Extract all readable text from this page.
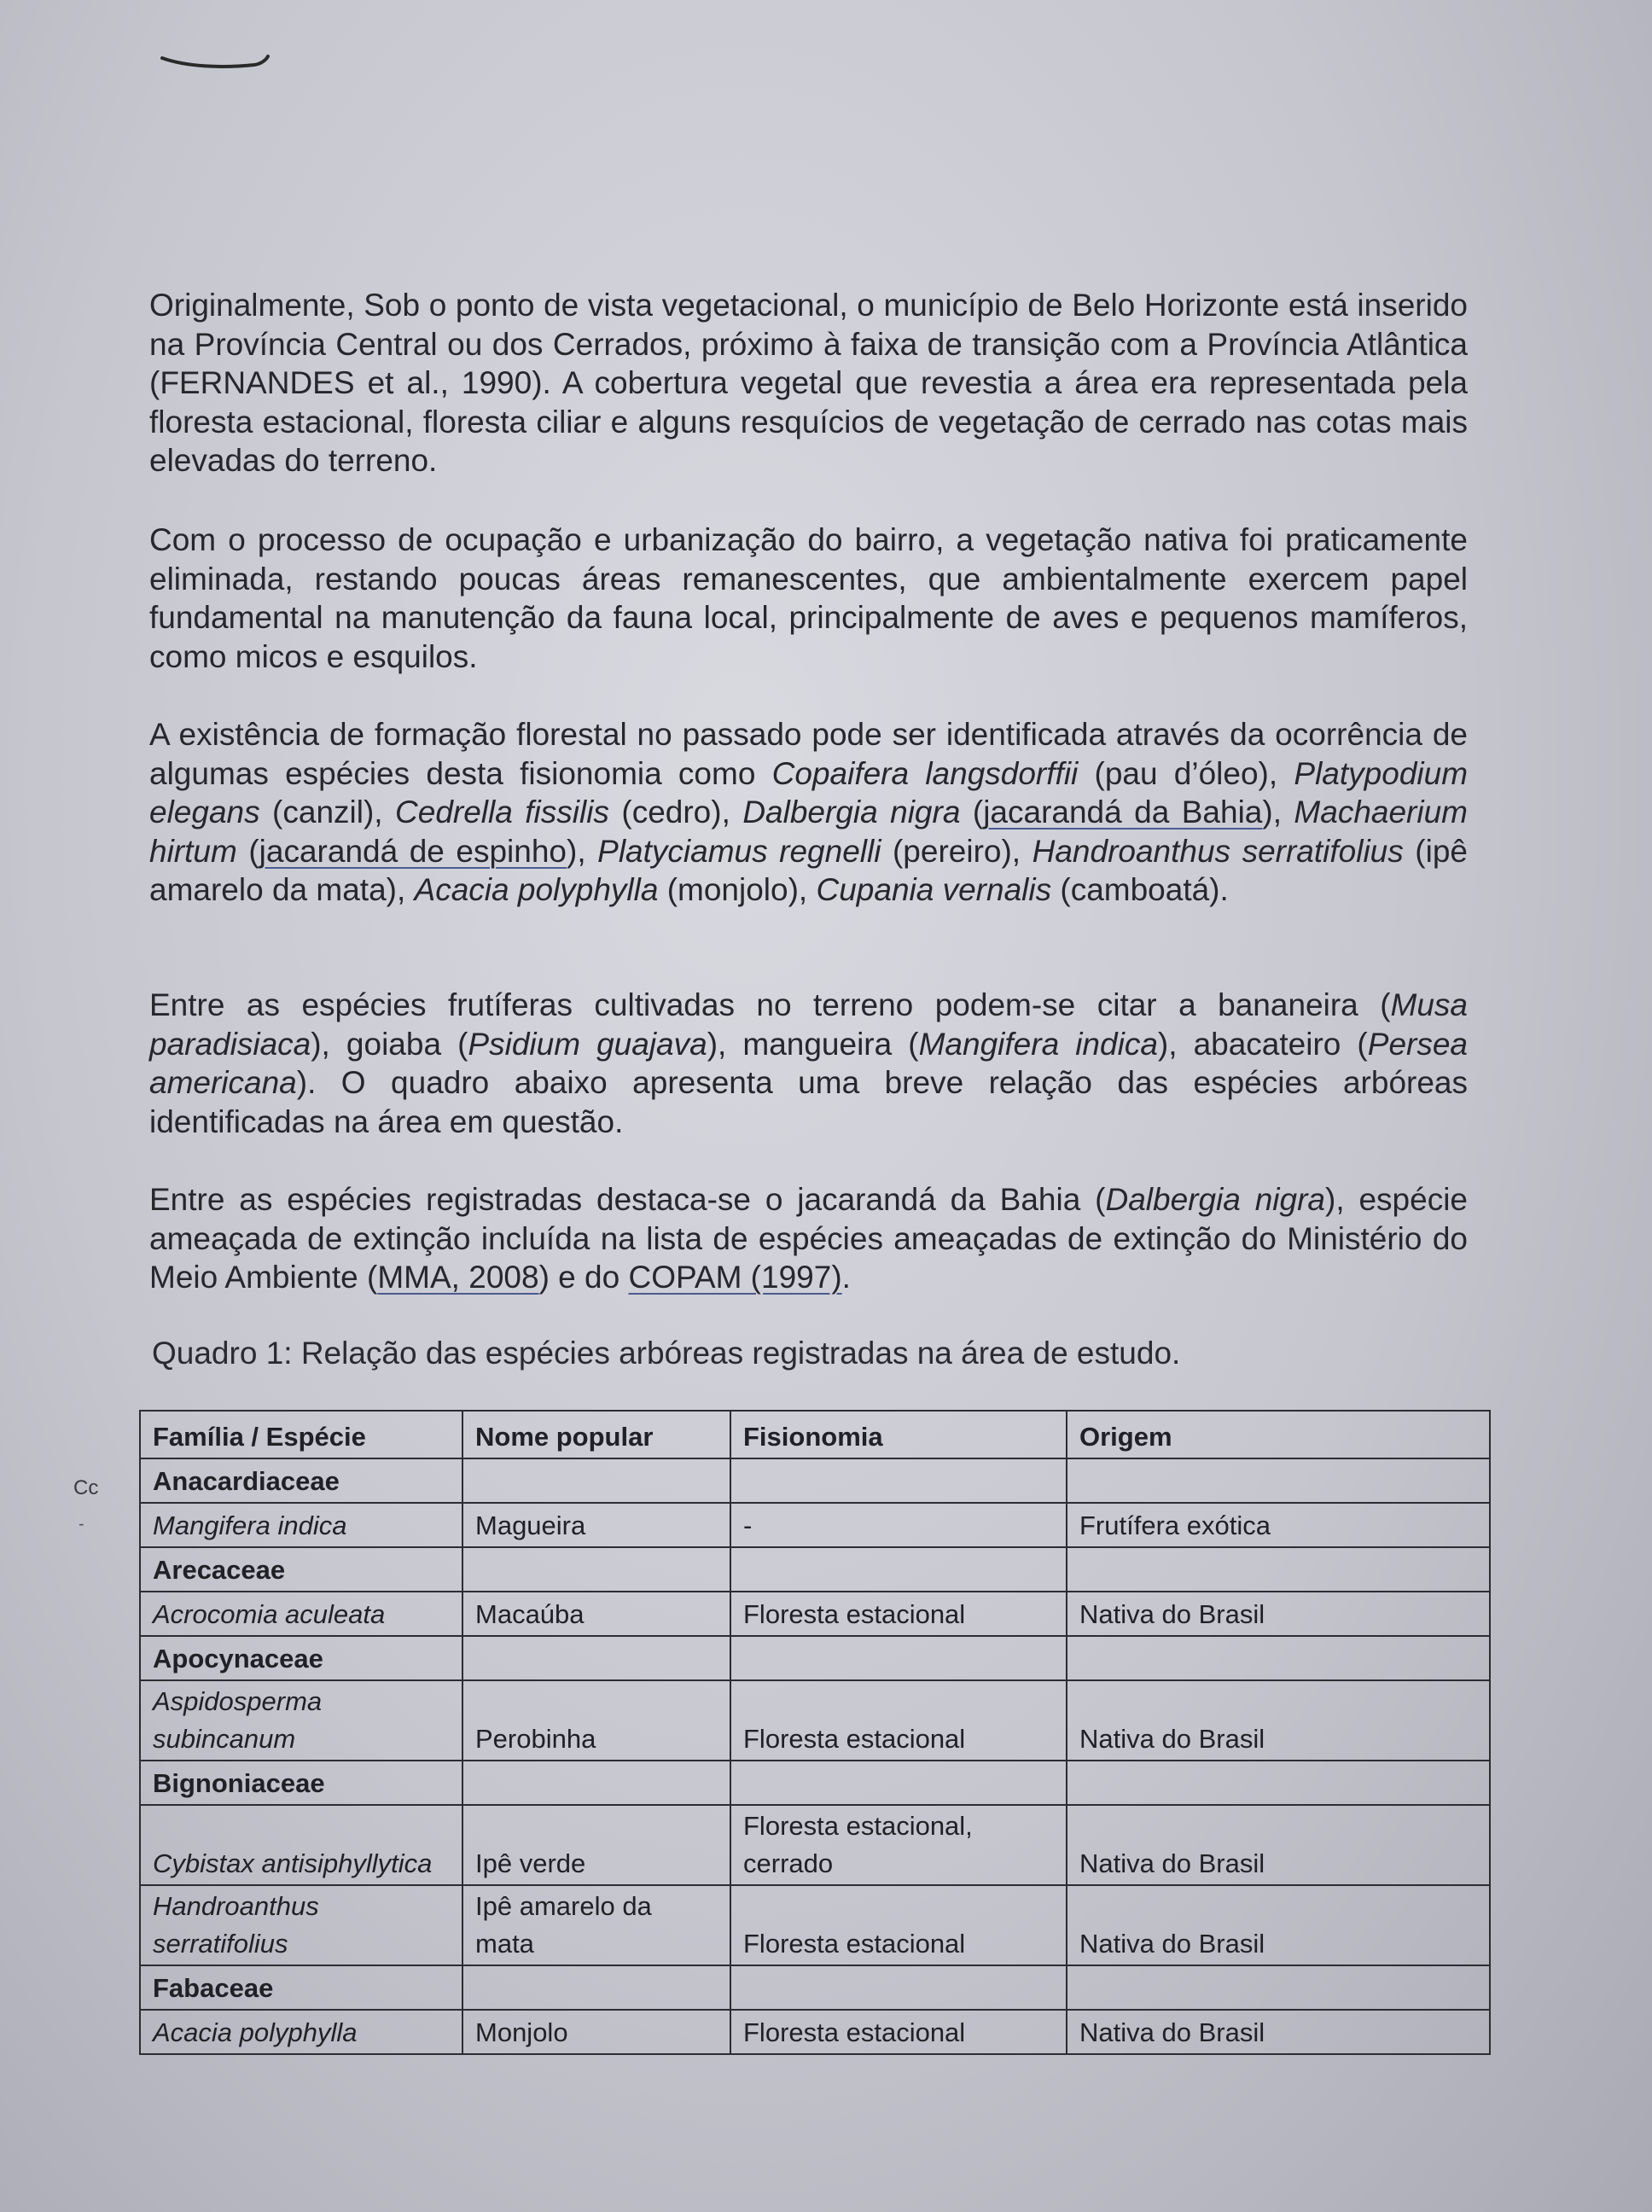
Cc
-

Originalmente, Sob o ponto de vista vegetacional, o município de Belo Horizonte está inserido na Província Central ou dos Cerrados, próximo à faixa de transição com a Província Atlântica (FERNANDES et al., 1990). A cobertura vegetal que revestia a área era representada pela floresta estacional, floresta ciliar e alguns resquícios de vegetação de cerrado nas cotas mais elevadas do terreno.

Com o processo de ocupação e urbanização do bairro, a vegetação nativa foi praticamente eliminada, restando poucas áreas remanescentes, que ambientalmente exercem papel fundamental na manutenção da fauna local, principalmente de aves e pequenos mamíferos, como micos e esquilos.

A existência de formação florestal no passado pode ser identificada através da ocorrência de algumas espécies desta fisionomia como Copaifera langsdorffii (pau d’óleo), Platypodium elegans (canzil), Cedrella fissilis (cedro), Dalbergia nigra (jacarandá da Bahia), Machaerium hirtum (jacarandá de espinho), Platyciamus regnelli (pereiro), Handroanthus serratifolius (ipê amarelo da mata), Acacia polyphylla (monjolo), Cupania vernalis (camboatá).

Entre as espécies frutíferas cultivadas no terreno podem-se citar a bananeira (Musa paradisiaca), goiaba (Psidium guajava), mangueira (Mangifera indica), abacateiro (Persea americana). O quadro abaixo apresenta uma breve relação das espécies arbóreas identificadas na área em questão.

Entre as espécies registradas destaca-se o jacarandá da Bahia (Dalbergia nigra), espécie ameaçada de extinção incluída na lista de espécies ameaçadas de extinção do Ministério do Meio Ambiente (MMA, 2008) e do COPAM (1997).

Quadro 1: Relação das espécies arbóreas registradas na área de estudo.
Família / Espécie	Nome popular	Fisionomia	Origem
Anacardiaceae			
Mangifera indica	Magueira	-	Frutífera exótica
Arecaceae			
Acrocomia aculeata	Macaúba	Floresta estacional	Nativa do Brasil
Apocynaceae			
Aspidosperma subincanum	Perobinha	Floresta estacional	Nativa do Brasil
Bignoniaceae			
Cybistax antisiphyllytica	Ipê verde	Floresta estacional, cerrado	Nativa do Brasil
Handroanthus serratifolius	Ipê amarelo da mata	Floresta estacional	Nativa do Brasil
Fabaceae			
Acacia polyphylla	Monjolo	Floresta estacional	Nativa do Brasil
